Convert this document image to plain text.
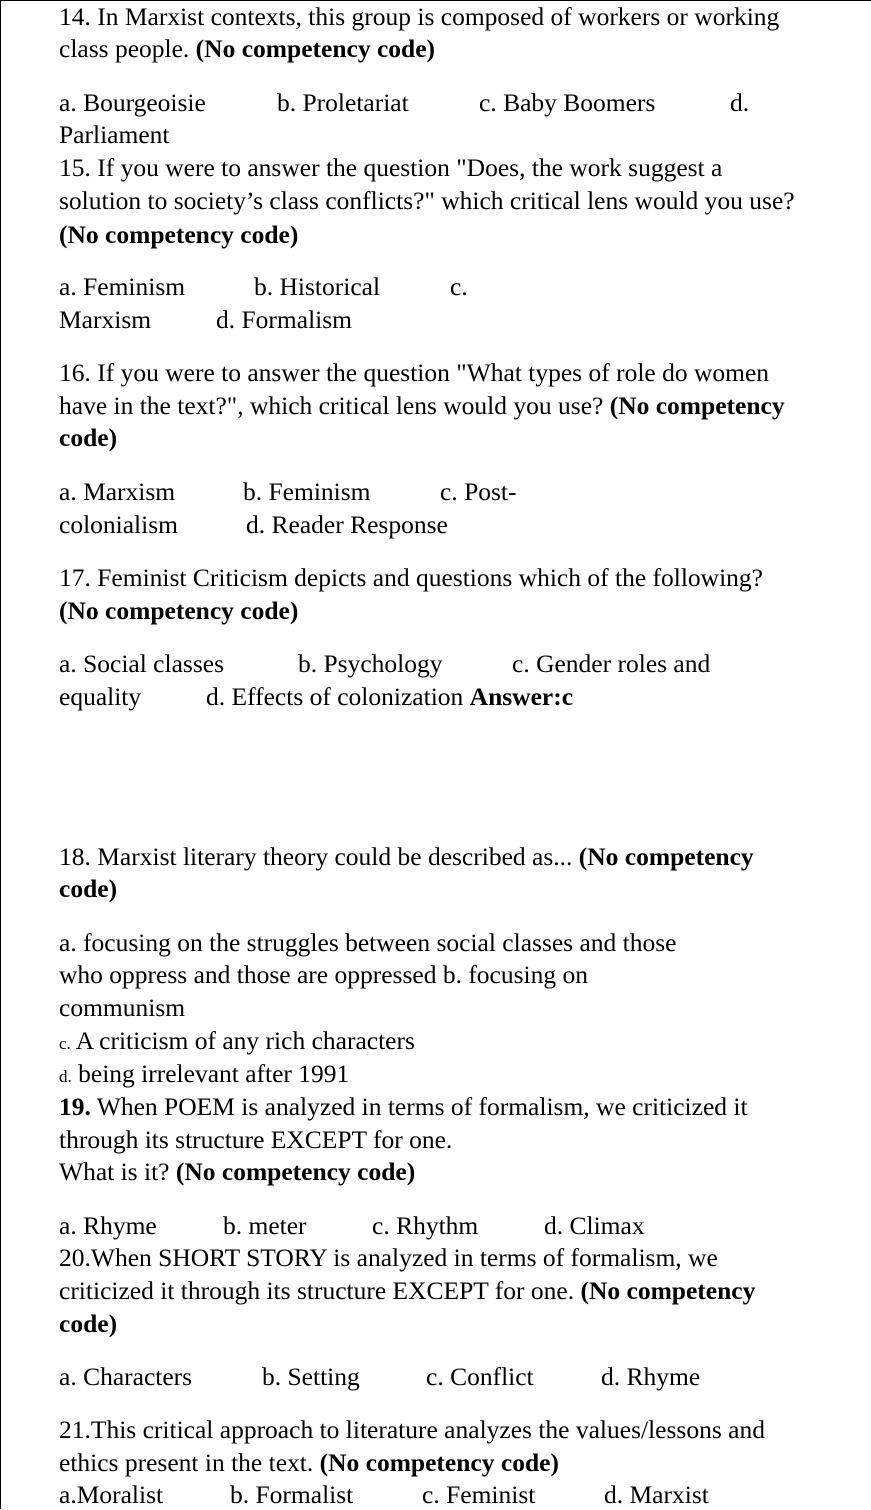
14. In Marxist contexts, this group is composed of workers or working
class people. (No competency code)
a. Bourgeoisie	b. Proletariat	c. Baby Boomers	d.
Parliament
15. If you were to answer the question "Does, the work suggest a
solution to society’s class conflicts?" which critical lens would you use?
(No competency code)
a. Feminism	b. Historical	c.
Marxism	d. Formalism
16. If you were to answer the question "What types of role do women
have in the text?", which critical lens would you use? (No competency
code)
a. Marxism	b. Feminism	c. Post-
colonialism	d. Reader Response
17. Feminist Criticism depicts and questions which of the following?
(No competency code)
a. Social classes	b. Psychology	c. Gender roles and
equality	d. Effects of colonization Answer:c
18. Marxist literary theory could be described as... (No competency
code)
a. focusing on the struggles between social classes and those
who oppress and those are oppressed b. focusing on
communism
c. A criticism of any rich characters
d. being irrelevant after 1991
19. When POEM is analyzed in terms of formalism, we criticized it
through its structure EXCEPT for one.
What is it? (No competency code)
a. Rhyme	b. meter	c. Rhythm	d. Climax
20.When SHORT STORY is analyzed in terms of formalism, we
criticized it through its structure EXCEPT for one. (No competency
code)
a. Characters	b. Setting	c. Conflict	d. Rhyme
21.This critical approach to literature analyzes the values/lessons and
ethics present in the text. (No competency code)
a.Moralist	b. Formalist	c. Feminist	d. Marxist
